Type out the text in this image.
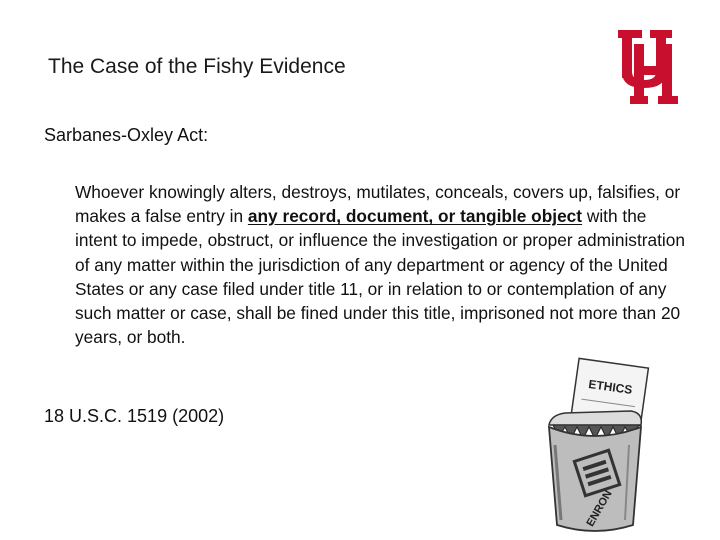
The Case of the Fishy Evidence
Sarbanes-Oxley Act:
Whoever knowingly alters, destroys, mutilates, conceals, covers up, falsifies, or makes a false entry in any record, document, or tangible object with the intent to impede, obstruct, or influence the investigation or proper administration of any matter within the jurisdiction of any department or agency of the United States or any case filed under title 11, or in relation to or contemplation of any such matter or case, shall be fined under this title, imprisoned not more than 20 years, or both.
18 U.S.C. 1519 (2002)
ETHICS
ENRON
